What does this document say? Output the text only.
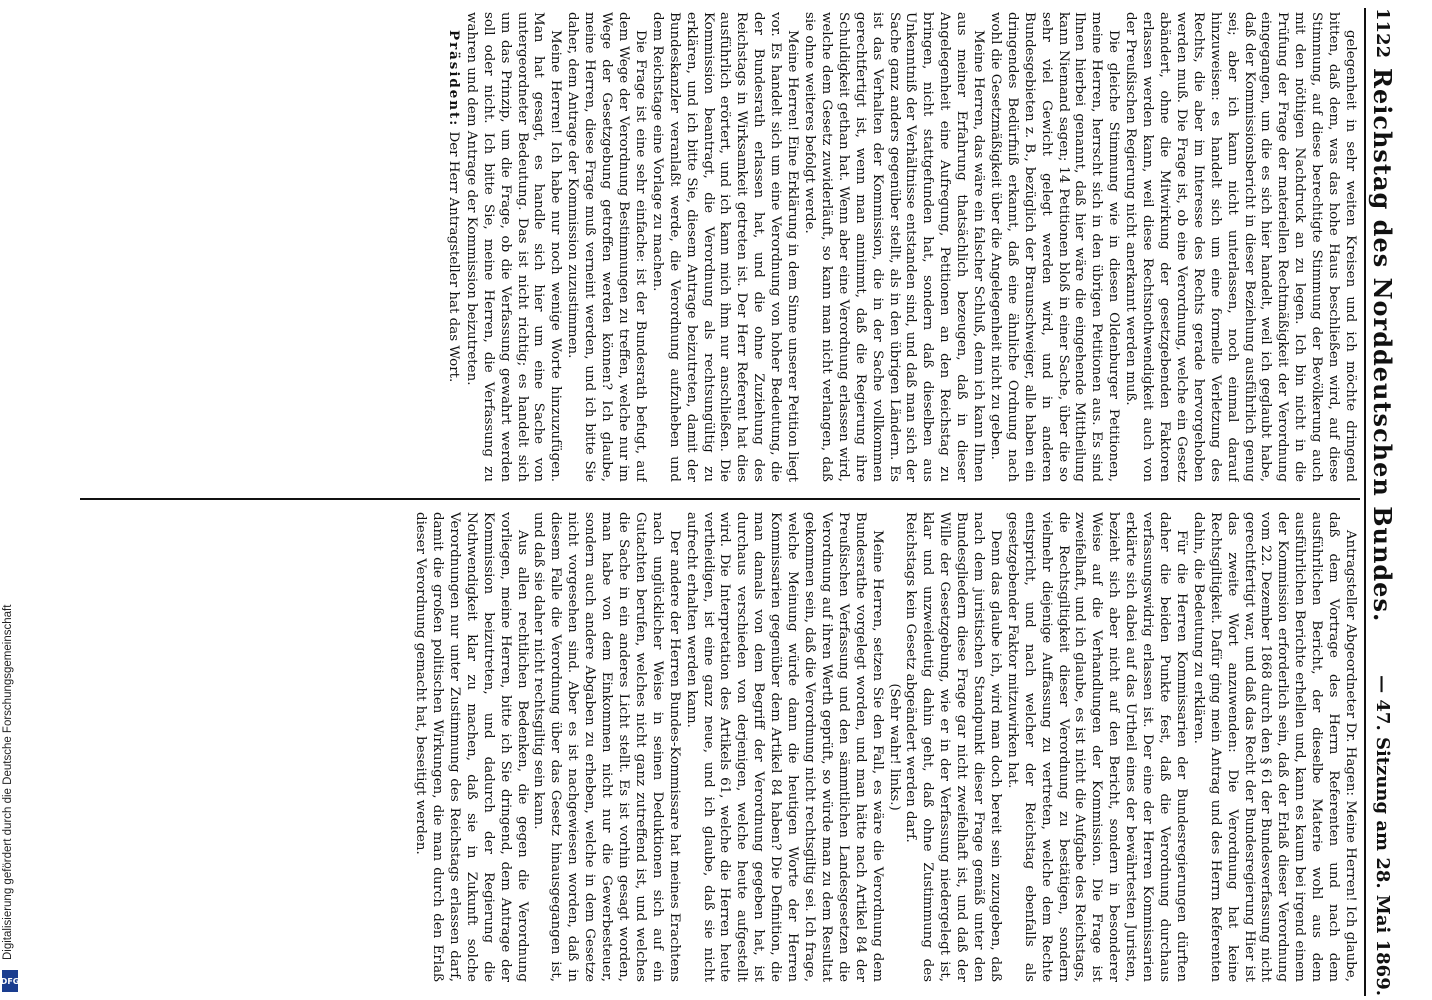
1122
Reichstag des Norddeutschen Bundes.
— 47. Sitzung am 28. Mai 1869.

gelegenheit in sehr weiten Kreisen und ich möchte dringend bitten, daß dem, was das hohe Haus beschließen wird, auf diese Stimmung, auf diese berechtigte Stimmung der Bevölkerung auch mit den nöthigen Nachdruck an zu legen. Ich bin nicht in die Prüfung der Frage der materiellen Rechtmäßigkeit der Verordnung eingegangen, um die es sich hier handelt, weil ich geglaubt habe, daß der Kommissionsbericht in dieser Beziehung ausführlich genug sei; aber ich kann nicht unterlassen, noch einmal darauf hinzuweisen: es handelt sich um eine formelle Verletzung des Rechts, die aber im Interesse des Rechts gerade hervorgehoben werden muß. Die Frage ist, ob eine Verordnung, welche ein Gesetz abändert, ohne die Mitwirkung der gesetzgebenden Faktoren erlassen werden kann, weil diese Rechtsnothwendigkeit auch von der Preußischen Regierung nicht anerkannt werden muß.

Die gleiche Stimmung wie in diesen Oldenburger Petitionen, meine Herren, herrscht sich in den übrigen Petitionen aus. Es sind Ihnen hierbei genannt, daß hier wäre die eingehende Mittheilung kann Niemand sagen; 14 Petitionen bloß in einer Sache, über die so sehr viel Gewicht gelegt werden wird, und in anderen Bundesgebieten z. B., bezüglich der Braunschweiger, alle haben ein dringendes Bedürfniß erkannt, daß eine ähnliche Ordnung nach wohl die Gesetzmäßigkeit über die Angelegenheit nicht zu geben.

Meine Herren, das wäre ein falscher Schluß, denn ich kann Ihnen aus meiner Erfahrung thatsächlich bezeugen, daß in dieser Angelegenheit eine Aufregung, Petitionen an den Reichstag zu bringen, nicht stattgefunden hat, sondern daß dieselben aus Unkenntniß der Verhältnisse entstanden sind, und daß man sich der Sache ganz anders gegenüber stellt, als in den übrigen Ländern. Es ist das Verhalten der Kommission, die in der Sache vollkommen gerechtfertigt ist, wenn man annimmt, daß die Regierung ihre Schuldigkeit gethan hat. Wenn aber eine Verordnung erlassen wird, welche dem Gesetz zuwiderläuft, so kann man nicht verlangen, daß sie ohne weiteres befolgt werde.

Meine Herren! Eine Erklärung in dem Sinne unserer Petition liegt vor. Es handelt sich um eine Verordnung von hoher Bedeutung, die der Bundesrath erlassen hat, und die ohne Zuziehung des Reichstags in Wirksamkeit getreten ist. Der Herr Referent hat dies ausführlich erörtert, und ich kann mich ihm nur anschließen. Die Kommission beantragt, die Verordnung als rechtsungültig zu erklären, und ich bitte Sie, diesem Antrage beizutreten, damit der Bundeskanzler veranlaßt werde, die Verordnung aufzuheben und dem Reichstage eine Vorlage zu machen.

Die Frage ist eine sehr einfache: ist der Bundesrath befugt, auf dem Wege der Verordnung Bestimmungen zu treffen, welche nur im Wege der Gesetzgebung getroffen werden können? Ich glaube, meine Herren, diese Frage muß verneint werden, und ich bitte Sie daher, dem Antrage der Kommission zuzustimmen.

Meine Herren! Ich habe nur noch wenige Worte hinzuzufügen. Man hat gesagt, es handle sich hier um eine Sache von untergeordneter Bedeutung. Das ist nicht richtig; es handelt sich um das Prinzip, um die Frage, ob die Verfassung gewahrt werden soll oder nicht. Ich bitte Sie, meine Herren, die Verfassung zu wahren und dem Antrage der Kommission beizutreten.

Präsident: Der Herr Antragsteller hat das Wort.

Antragsteller Abgeordneter Dr. Hagen: Meine Herren! Ich glaube, daß dem Vortrage des Herrn Referenten und nach dem ausführlichen Bericht, der dieselbe Materie wohl aus dem ausführlichen Berichte erhellen und, kann es kaum bei irgend einem der Kommission erforderlich sein, daß der Erlaß dieser Verordnung vom 22. Dezember 1868 durch den § 61 der Bundesverfassung nicht gerechtfertigt war, und daß das Recht der Bundesregierung Hier ist das zweite Wort anzuwenden: Die Verordnung hat keine Rechtsgiltigkeit. Dafür ging mein Antrag und des Herrn Referenten dahin, die Bedeutung zu erklären.

Für die Herren Kommissarien der Bundesregierungen dürften daher die beiden Punkte fest, daß die Verordnung durchaus verfassungswidrig erlassen ist. Der eine der Herren Kommissarien erklärte sich dabei auf das Urtheil eines der bewährtesten Juristen, bezieht sich aber nicht auf den Bericht, sondern in besonderer Weise auf die Verhandlungen der Kommission. Die Frage ist zweifelhaft, und ich glaube, es ist nicht die Aufgabe des Reichstags, die Rechtsgiltigkeit dieser Verordnung zu bestätigen, sondern vielmehr diejenige Auffassung zu vertreten, welche dem Rechte entspricht, und nach welcher der Reichstag ebenfalls als gesetzgebender Faktor mitzuwirken hat.

Denn das glaube ich, wird man doch bereit sein zuzugeben, daß nach dem juristischen Standpunkt dieser Frage gemäß unter den Bundesgliedern diese Frage gar nicht zweifelhaft ist, und daß der Wille der Gesetzgebung, wie er in der Verfassung niedergelegt ist, klar und unzweideutig dahin geht, daß ohne Zustimmung des Reichstags kein Gesetz abgeändert werden darf.

(Sehr wahr! links.)

Meine Herren, setzen Sie den Fall, es wäre die Verordnung dem Bundesrathe vorgelegt worden, und man hätte nach Artikel 84 der Preußischen Verfassung und den sämmtlichen Landesgesetzen die Verordnung auf ihren Werth geprüft, so würde man zu dem Resultat gekommen sein, daß die Verordnung nicht rechtsgiltig sei. Ich frage, welche Meinung würde dann die heutigen Worte der Herren Kommissarien gegenüber dem Artikel 84 haben? Die Definition, die man damals von dem Begriff der Verordnung gegeben hat, ist durchaus verschieden von derjenigen, welche heute aufgestellt wird. Die Interpretation des Artikels 61, welche die Herren heute vertheidigen, ist eine ganz neue, und ich glaube, daß sie nicht aufrecht erhalten werden kann.

Der andere der Herren Bundes-Kommissare hat meines Erachtens nach unglücklicher Weise in seinen Deduktionen sich auf ein Gutachten berufen, welches nicht ganz zutreffend ist, und welches die Sache in ein anderes Licht stellt. Es ist vorhin gesagt worden, man habe von dem Einkommen nicht nur die Gewerbesteuer, sondern auch andere Abgaben zu erheben, welche in dem Gesetze nicht vorgesehen sind. Aber es ist nachgewiesen worden, daß in diesem Falle die Verordnung über das Gesetz hinausgegangen ist, und daß sie daher nicht rechtsgiltig sein kann.

Aus allen rechtlichen Bedenken, die gegen die Verordnung vorliegen, meine Herren, bitte ich Sie dringend, dem Antrage der Kommission beizutreten, und dadurch der Regierung die Nothwendigkeit klar zu machen, daß sie in Zukunft solche Verordnungen nur unter Zustimmung des Reichstags erlassen darf, damit die großen politischen Wirkungen, die man durch den Erlaß dieser Verordnung gemacht hat, beseitigt werden.

DFG
Digitalisierung gefördert durch die Deutsche Forschungsgemeinschaft
